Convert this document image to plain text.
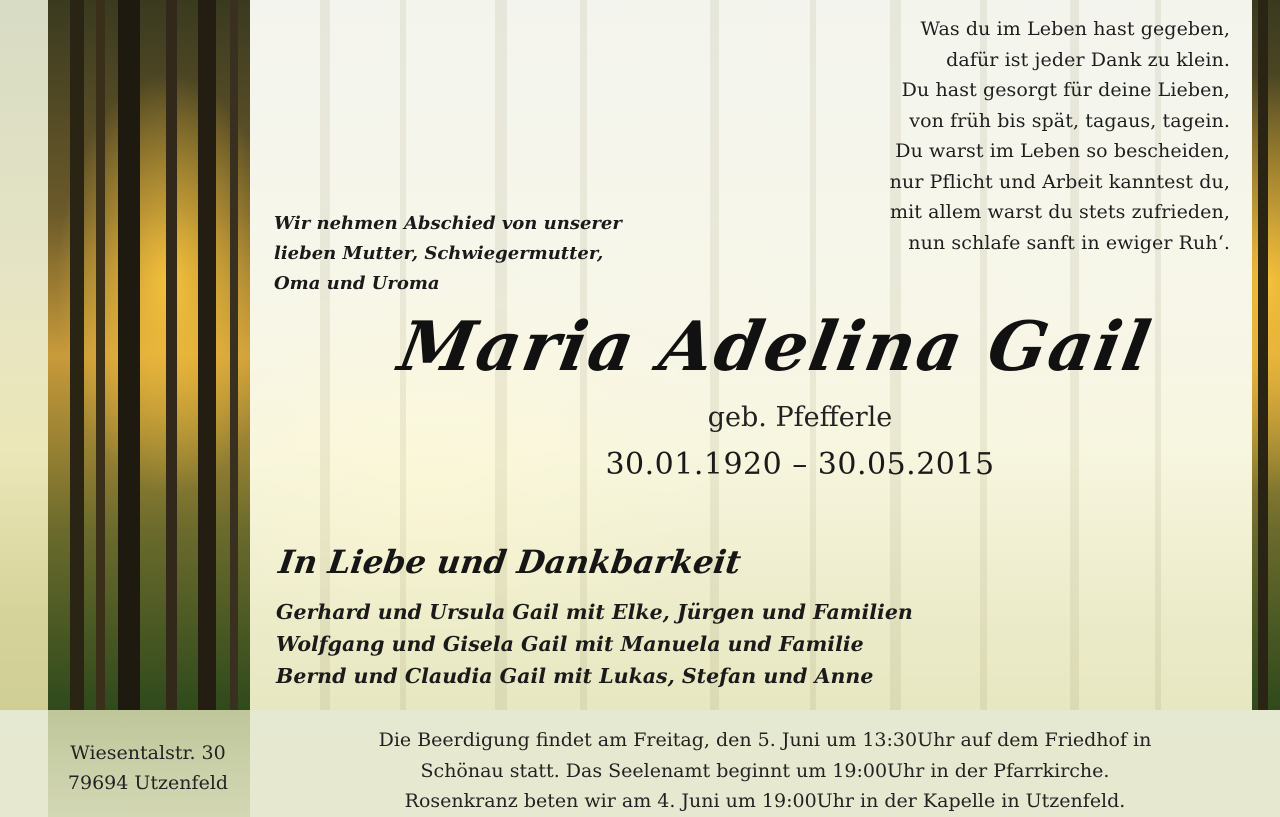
Was du im Leben hast gegeben,
dafür ist jeder Dank zu klein.
Du hast gesorgt für deine Lieben,
von früh bis spät, tagaus, tagein.
Du warst im Leben so bescheiden,
nur Pflicht und Arbeit kanntest du,
mit allem warst du stets zufrieden,
nun schlafe sanft in ewiger Ruh‘.
Wir nehmen Abschied von unserer
lieben Mutter, Schwiegermutter,
Oma und Uroma
Maria Adelina Gail
geb. Pfefferle
30.01.1920 – 30.05.2015
In Liebe und Dankbarkeit
Gerhard und Ursula Gail mit Elke, Jürgen und Familien
Wolfgang und Gisela Gail mit Manuela und Familie
Bernd und Claudia Gail mit Lukas, Stefan und Anne
Wiesentalstr. 30
79694 Utzenfeld
Die Beerdigung findet am Freitag, den 5. Juni um 13:30Uhr auf dem Friedhof in
Schönau statt. Das Seelenamt beginnt um 19:00Uhr in der Pfarrkirche.
Rosenkranz beten wir am 4. Juni um 19:00Uhr in der Kapelle in Utzenfeld.
